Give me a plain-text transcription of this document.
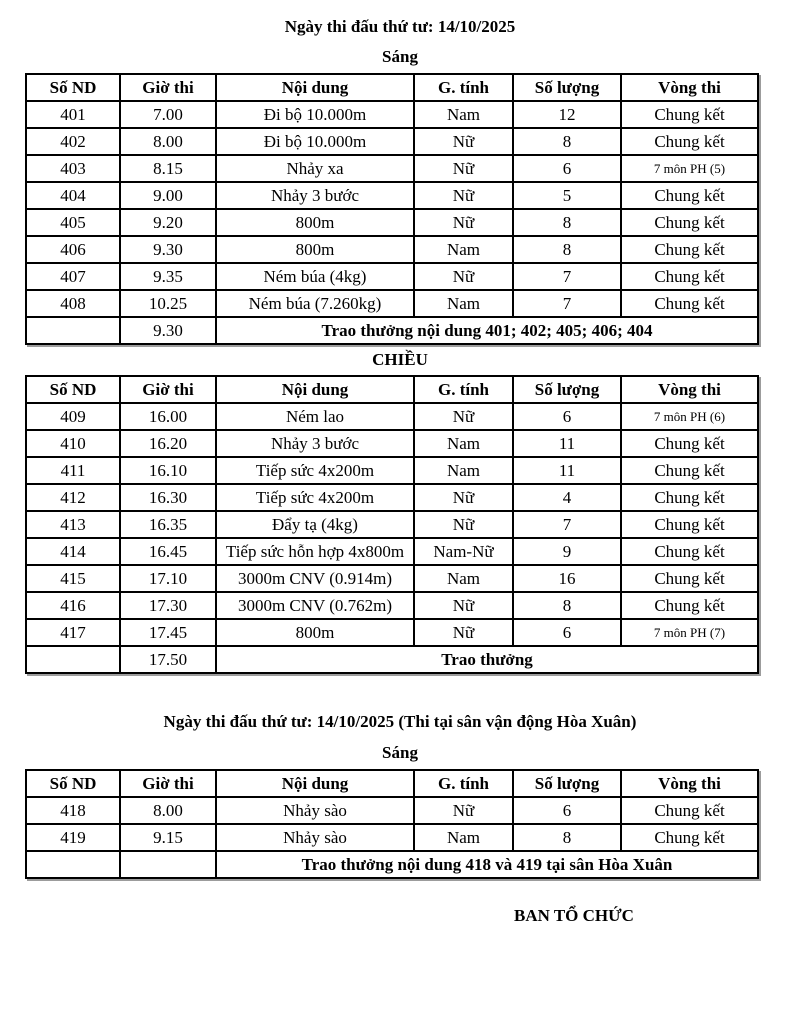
Ngày thi đấu thứ tư: 14/10/2025
Sáng
Số ND	Giờ thi	Nội dung	G. tính	Số lượng	Vòng thi
401	7.00	Đi bộ 10.000m	Nam	12	Chung kết
402	8.00	Đi bộ 10.000m	Nữ	8	Chung kết
403	8.15	Nhảy xa	Nữ	6	7 môn PH (5)
404	9.00	Nhảy 3 bước	Nữ	5	Chung kết
405	9.20	800m	Nữ	8	Chung kết
406	9.30	800m	Nam	8	Chung kết
407	9.35	Ném búa (4kg)	Nữ	7	Chung kết
408	10.25	Ném búa (7.260kg)	Nam	7	Chung kết
	9.30	Trao thưởng nội dung 401; 402; 405; 406; 404			
CHIỀU
Số ND	Giờ thi	Nội dung	G. tính	Số lượng	Vòng thi
409	16.00	Ném lao	Nữ	6	7 môn PH (6)
410	16.20	Nhảy 3 bước	Nam	11	Chung kết
411	16.10	Tiếp sức 4x200m	Nam	11	Chung kết
412	16.30	Tiếp sức 4x200m	Nữ	4	Chung kết
413	16.35	Đẩy tạ (4kg)	Nữ	7	Chung kết
414	16.45	Tiếp sức hỗn hợp 4x800m	Nam-Nữ	9	Chung kết
415	17.10	3000m CNV (0.914m)	Nam	16	Chung kết
416	17.30	3000m CNV (0.762m)	Nữ	8	Chung kết
417	17.45	800m	Nữ	6	7 môn PH (7)
	17.50	Trao thưởng			
Ngày thi đấu thứ tư: 14/10/2025 (Thi tại sân vận động Hòa Xuân)
Sáng
Số ND	Giờ thi	Nội dung	G. tính	Số lượng	Vòng thi
418	8.00	Nhảy sào	Nữ	6	Chung kết
419	9.15	Nhảy sào	Nam	8	Chung kết
		Trao thưởng nội dung 418 và 419 tại sân Hòa Xuân			
BAN TỔ CHỨC
